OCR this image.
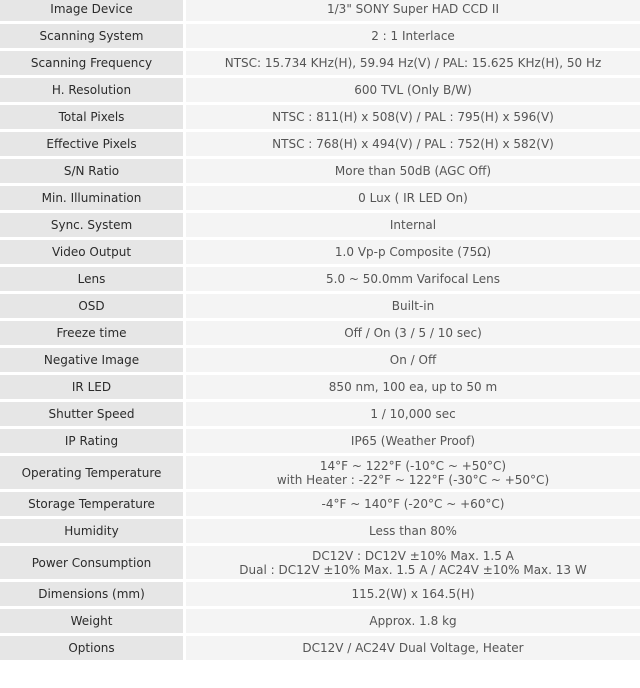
Image Device		1/3" SONY Super HAD CCD II

Scanning System		2 : 1 Interlace

Scanning Frequency		NTSC: 15.734 KHz(H), 59.94 Hz(V) / PAL: 15.625 KHz(H), 50 Hz

H. Resolution		600 TVL (Only B/W)

Total Pixels		NTSC : 811(H) x 508(V) / PAL : 795(H) x 596(V)

Effective Pixels		NTSC : 768(H) x 494(V) / PAL : 752(H) x 582(V)

S/N Ratio		More than 50dB (AGC Off)

Min. Illumination		0 Lux ( IR LED On)

Sync. System		Internal

Video Output		1.0 Vp-p Composite (75Ω)

Lens		5.0 ~ 50.0mm Varifocal Lens

OSD		Built-in

Freeze time		Off / On (3 / 5 / 10 sec)

Negative Image		On / Off

IR LED		850 nm, 100 ea, up to 50 m

Shutter Speed		1 / 10,000 sec

IP Rating		IP65 (Weather Proof)

Operating Temperature		14°F ~ 122°F (-10°C ~ +50°C)
with Heater : -22°F ~ 122°F (-30°C ~ +50°C)

Storage Temperature		-4°F ~ 140°F (-20°C ~ +60°C)

Humidity		Less than 80%

Power Consumption		DC12V : DC12V ±10% Max. 1.5 A
Dual : DC12V ±10% Max. 1.5 A / AC24V ±10% Max. 13 W

Dimensions (mm)		115.2(W) x 164.5(H)

Weight		Approx. 1.8 kg

Options		DC12V / AC24V Dual Voltage, Heater
